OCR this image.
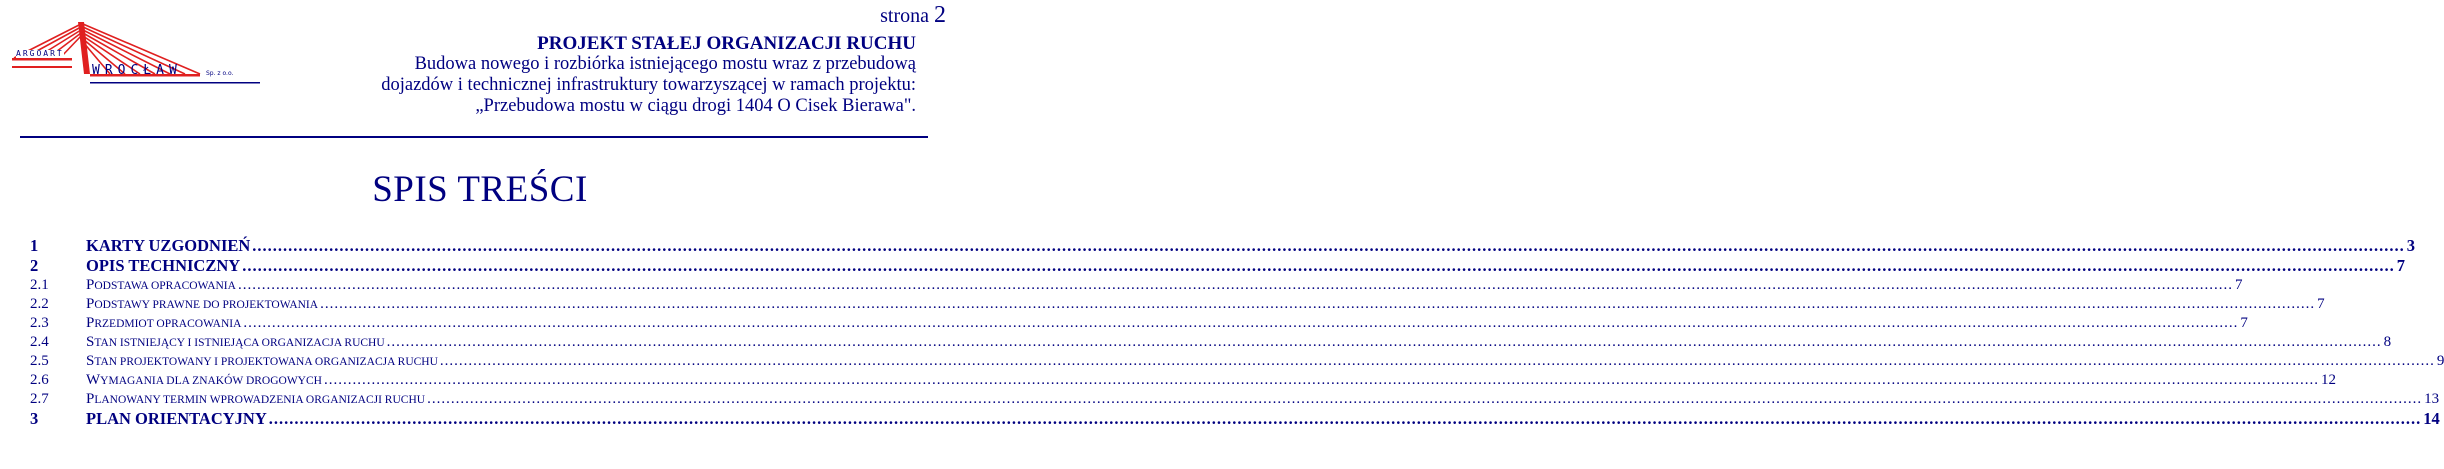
strona 2
ARGOART
WROCŁAW	Sp. z o.o.

PROJEKT STAŁEJ ORGANIZACJI RUCHU

Budowa nowego i rozbiórka istniejącego mostu wraz z przebudową

dojazdów i technicznej infrastruktury towarzyszącej w ramach projektu:

„Przebudowa mostu w ciągu drogi 1404 O Cisek Bierawa".

SPIS TREŚCI
1	KARTY UZGODNIEŃ .....	3
2	OPIS TECHNICZNY .....	7
2.1	PODSTAWA OPRACOWANIA .....	7
2.2	PODSTAWY PRAWNE DO PROJEKTOWANIA .....	7
2.3	PRZEDMIOT OPRACOWANIA .....	7
2.4	STAN ISTNIEJĄCY I ISTNIEJĄCA ORGANIZACJA RUCHU .....	8
2.5	STAN PROJEKTOWANY I PROJEKTOWANA ORGANIZACJA RUCHU .....	9
2.6	WYMAGANIA DLA ZNAKÓW DROGOWYCH .....	12
2.7	PLANOWANY TERMIN WPROWADZENIA ORGANIZACJI RUCHU .....	13
3	PLAN ORIENTACYJNY .....	14
